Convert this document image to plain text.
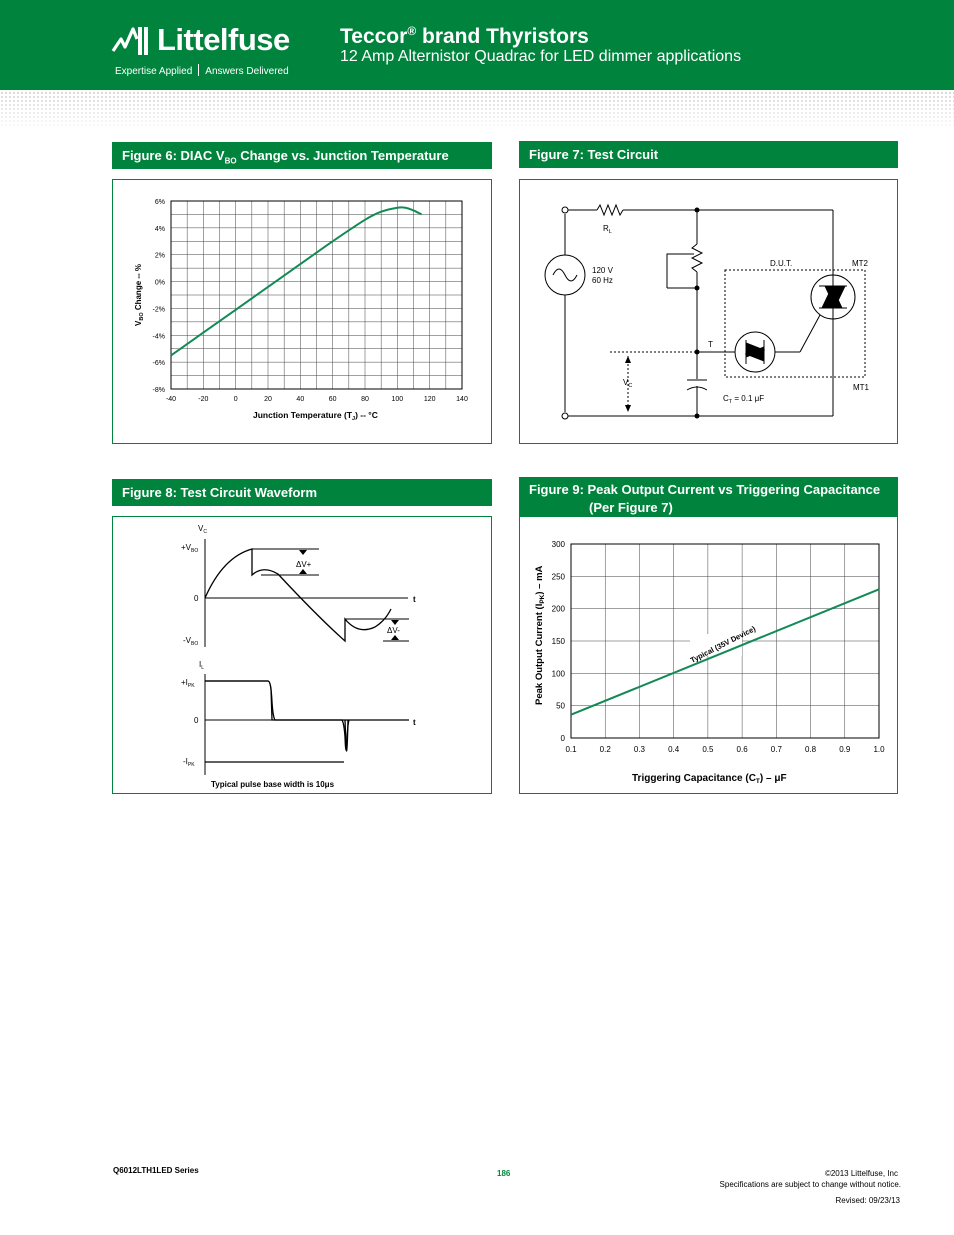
Littelfuse
Expertise Applied Answers Delivered
Teccor® brand Thyristors
12 Amp Alternistor Quadrac for LED dimmer applications
Figure 6: DIAC $V_{BO}$ Change vs. Junction Temperature
-40	-20	0	20	40	60	80	100	120	140
-8%
-6%
-4%
-2%
0%
2%
4%
6%
Junction Temperature $(T_J) -- ^\circ C$
$V_{BO}$ Change -- %
Figure 7: Test Circuit
$R_L$
120 V
60 Hz
D.U.T.	MT2
MT1
T
$V_C$
$C_T = 0.1$ μF
Figure 8: Test Circuit Waveform
$V_C$
$+V_{BO}$
0
$-V_{BO}$
ΔV+
ΔV-
t
$I_L$
$+I_{PK}$
0
$-I_{PK}$
t
Typical pulse base width is 10μs
Figure 9: Peak Output Current vs Triggering Capacitance
(Per Figure 7)
0.1	0.2	0.3	0.4	0.5	0.6	0.7	0.8	0.9	1.0
0
50
100
150
200
250
300
Typical (35V Device)
Triggering Capacitance $(C_T)$ – μF
Peak Output Current $(I_{PK})$ – mA
Q6012LTH1LED Series	186	©2013 Littelfuse, Inc
Specifications are subject to change without notice.
Revised: 09/23/13
